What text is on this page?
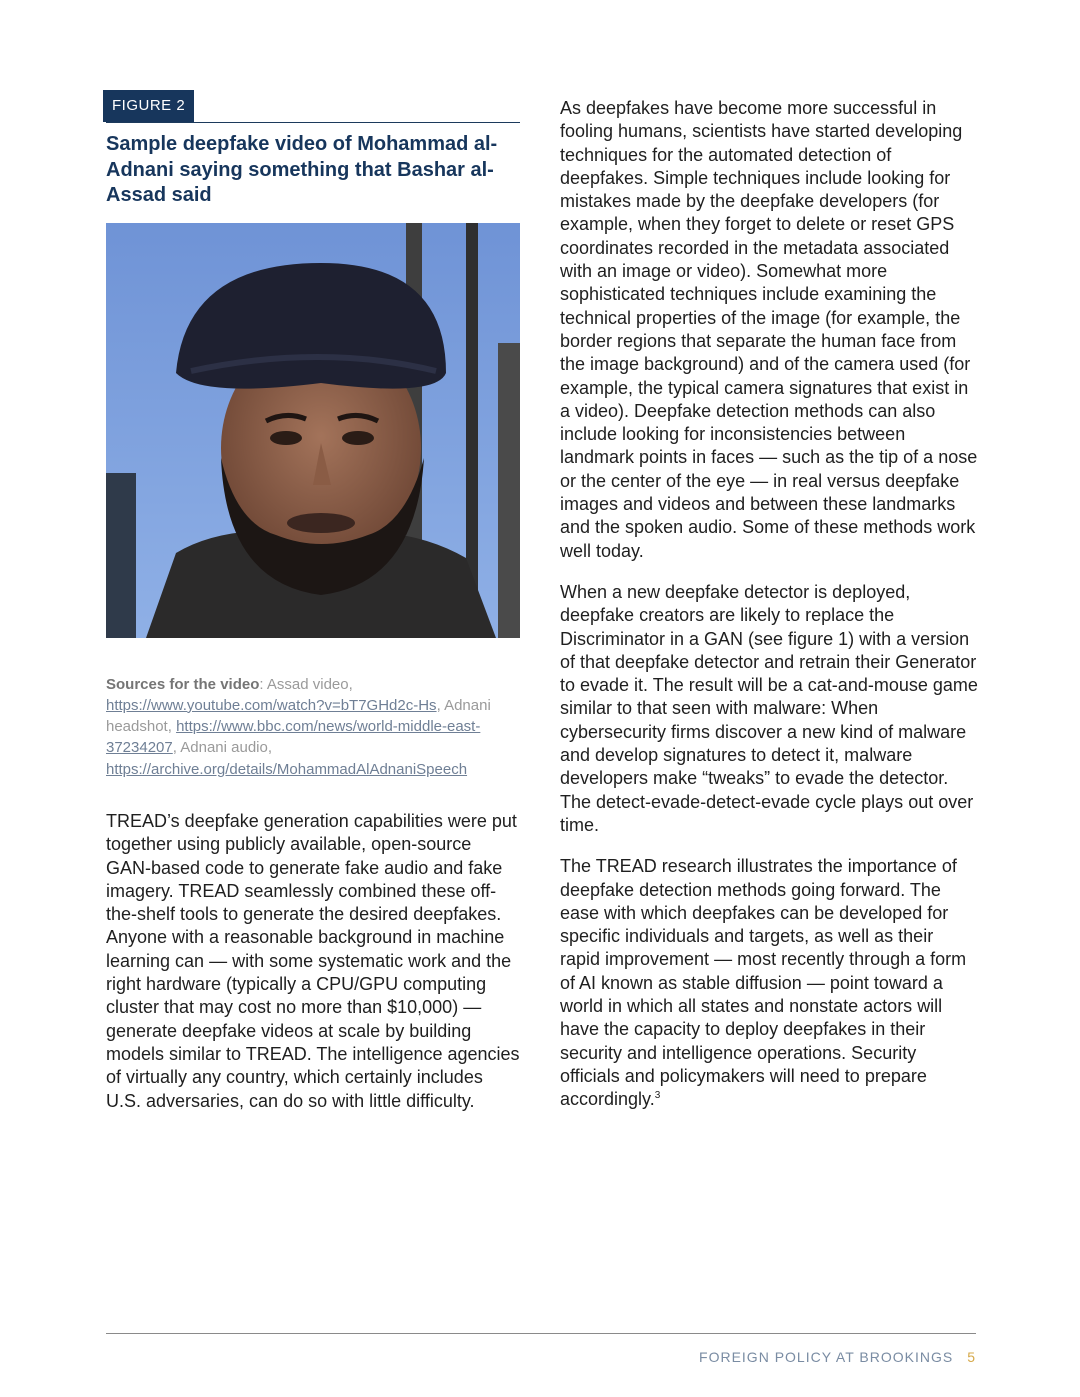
FIGURE 2
Sample deepfake video of Mohammad al-Adnani saying something that Bashar al-Assad said
Sources for the video: Assad video, https://www.youtube.com/watch?v=bT7GHd2c-Hs, Adnani headshot, https://www.bbc.com/news/world-middle-east-37234207, Adnani audio, https://archive.org/details/MohammadAlAdnaniSpeech

TREAD’s deepfake generation capabilities were put together using publicly available, open-source GAN-based code to generate fake audio and fake imagery. TREAD seamlessly combined these off-the-shelf tools to generate the desired deepfakes. Anyone with a reasonable background in machine learning can — with some systematic work and the right hardware (typically a CPU/GPU computing cluster that may cost no more than $10,000) — generate deepfake videos at scale by building models similar to TREAD. The intelligence agencies of virtually any country, which certainly includes U.S. adversaries, can do so with little difficulty.

As deepfakes have become more successful in fooling humans, scientists have started developing techniques for the automated detection of deepfakes. Simple techniques include looking for mistakes made by the deepfake developers (for example, when they forget to delete or reset GPS coordinates recorded in the metadata associated with an image or video). Somewhat more sophisticated techniques include examining the technical properties of the image (for example, the border regions that separate the human face from the image background) and of the camera used (for example, the typical camera signatures that exist in a video). Deepfake detection methods can also include looking for inconsistencies between landmark points in faces — such as the tip of a nose or the center of the eye — in real versus deepfake images and videos and between these landmarks and the spoken audio. Some of these methods work well today.

When a new deepfake detector is deployed, deepfake creators are likely to replace the Discriminator in a GAN (see figure 1) with a version of that deepfake detector and retrain their Generator to evade it. The result will be a cat-and-mouse game similar to that seen with malware: When cybersecurity firms discover a new kind of malware and develop signatures to detect it, malware developers make “tweaks” to evade the detector. The detect-evade-detect-evade cycle plays out over time.

The TREAD research illustrates the importance of deepfake detection methods going forward. The ease with which deepfakes can be developed for specific individuals and targets, as well as their rapid improvement — most recently through a form of AI known as stable diffusion — point toward a world in which all states and nonstate actors will have the capacity to deploy deepfakes in their security and intelligence operations. Security officials and policymakers will need to prepare accordingly.$^3$

FOREIGN POLICY AT BROOKINGS 5
